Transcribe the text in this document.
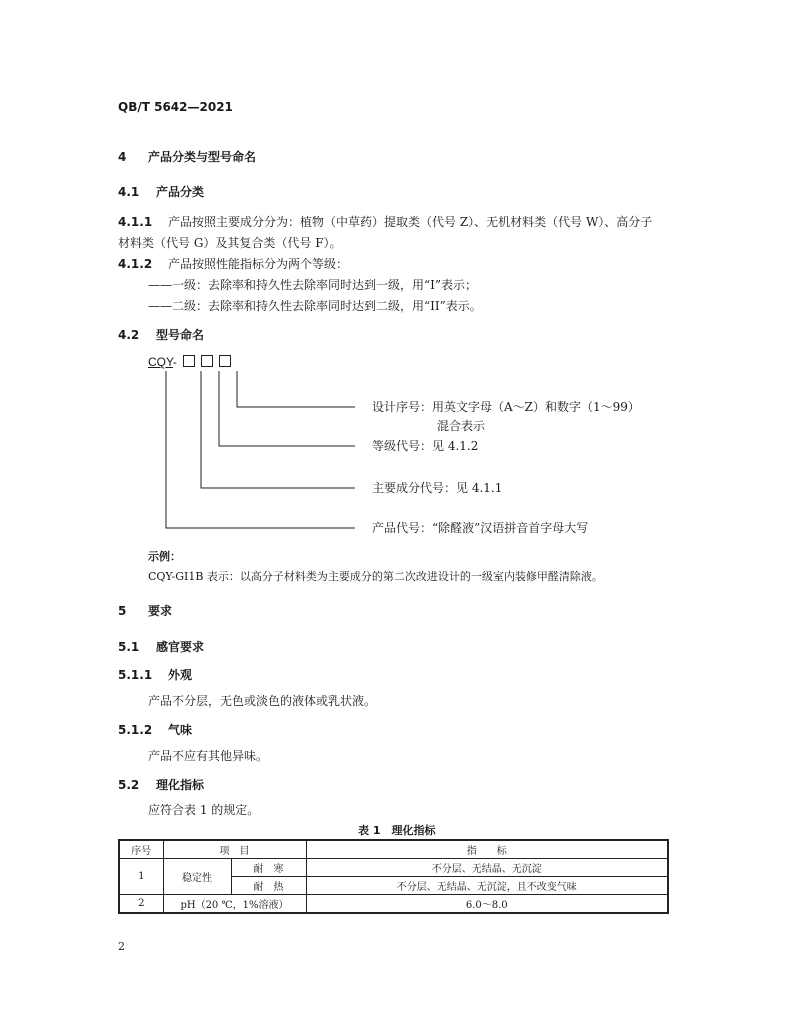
QB/T 5642—2021
4 产品分类与型号命名
4.1 产品分类
4.1.1 产品按照主要成分分为：植物（中草药）提取类（代号 Z）、无机材料类（代号 W）、高分子
材料类（代号 G）及其复合类（代号 F）。
4.1.2 产品按照性能指标分为两个等级：
——一级：去除率和持久性去除率同时达到一级，用“I”表示；
——二级：去除率和持久性去除率同时达到二级，用“II”表示。
4.2 型号命名
CQY-
设计序号：用英文字母（A～Z）和数字（1～99）
混合表示
等级代号：见 4.1.2
主要成分代号：见 4.1.1
产品代号：“除醛液”汉语拼音首字母大写
示例：
CQY-GI1B 表示：以高分子材料类为主要成分的第二次改进设计的一级室内装修甲醛清除液。
5 要求
5.1 感官要求
5.1.1 外观
产品不分层，无色或淡色的液体或乳状液。
5.1.2 气味
产品不应有其他异味。
5.2 理化指标
应符合表 1 的规定。
表 1　理化指标
序号	项　目		指　　标
1	稳定性	耐　寒	不分层、无结晶、无沉淀
		耐　热	不分层、无结晶、无沉淀，且不改变气味
2	pH（20 ℃，1%溶液）		6.0～8.0
2
